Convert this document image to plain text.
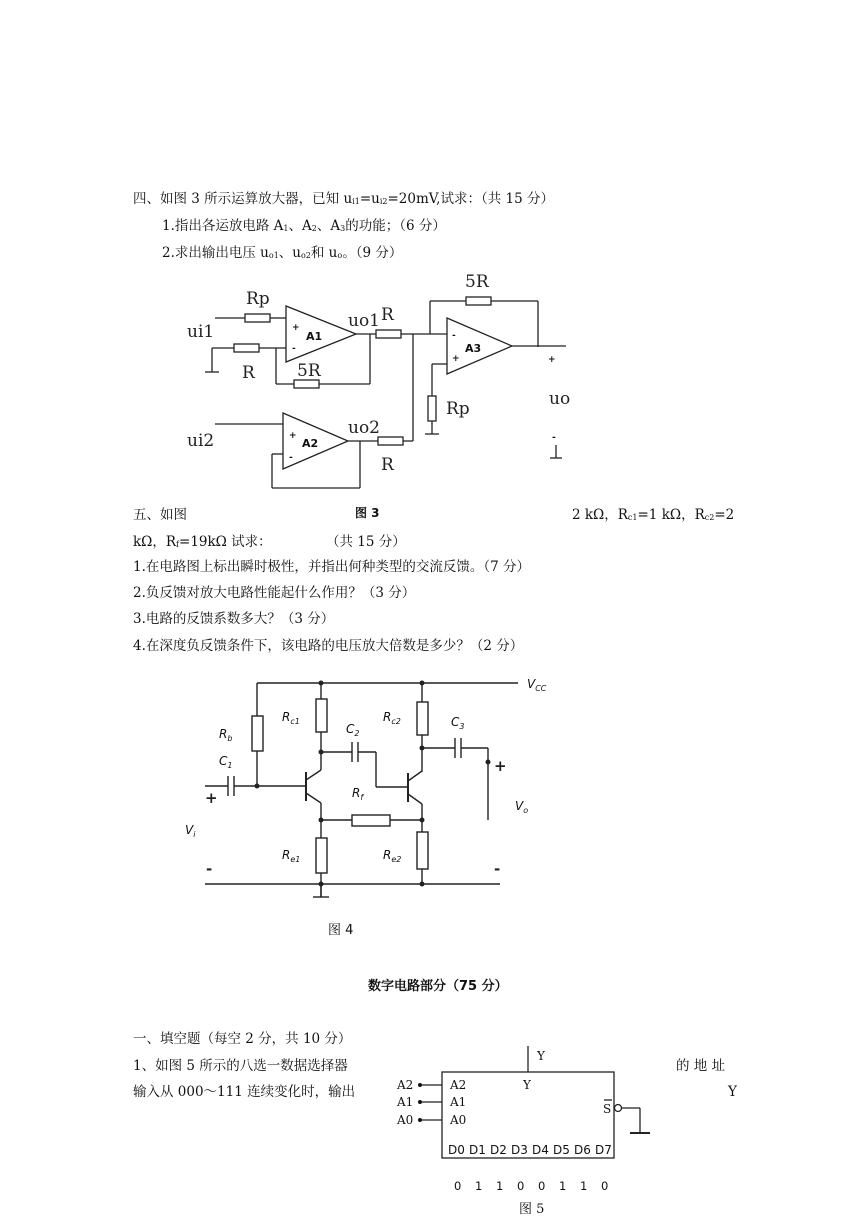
四、如图 3 所示运算放大器，已知 ui1=ui2=20mV,试求：（共 15 分）
1.指出各运放电路 A1、A2、A3的功能；（6 分）
2.求出输出电压 uo1、uo2和 uo。（9 分）
+
-
+
-
-
+	+
-
A1
A2
A3
ui1
ui2
Rp
R 5R
uo1
uo2
R
R
5R
Rp	uo
图 3
五、如图	2 kΩ，Rc1=1 kΩ，Rc2=2
kΩ，Rf=19kΩ 试求：	（共 15 分）
1.在电路图上标出瞬时极性，并指出何种类型的交流反馈。（7 分）
2.负反馈对放大电路性能起什么作用？（3 分）
3.电路的反馈系数多大？（3 分）
4.在深度负反馈条件下，该电路的电压放大倍数是多少？（2 分）
$V_{CC}$
$R_b$
$R_{c1}$	$R_{c2}$
$C_1$
$C_2$
$C_3$
$R_f$
$R_{e1}$	$R_{e2}$
$V_i$
$V_o$
+
-
+
-
图 4
数字电路部分（75 分）
一、填空题（每空 2 分，共 10 分）
1、如图 5 所示的八选一数据选择器	的 地 址
输入从 000～111 连续变化时，输出	Y
Y
Y
A2
A1
A0
A2
A1
A0
S
D0 D1 D2 D3 D4 D5 D6 D7
0 1 1 0 0 1 1 0
图 5
